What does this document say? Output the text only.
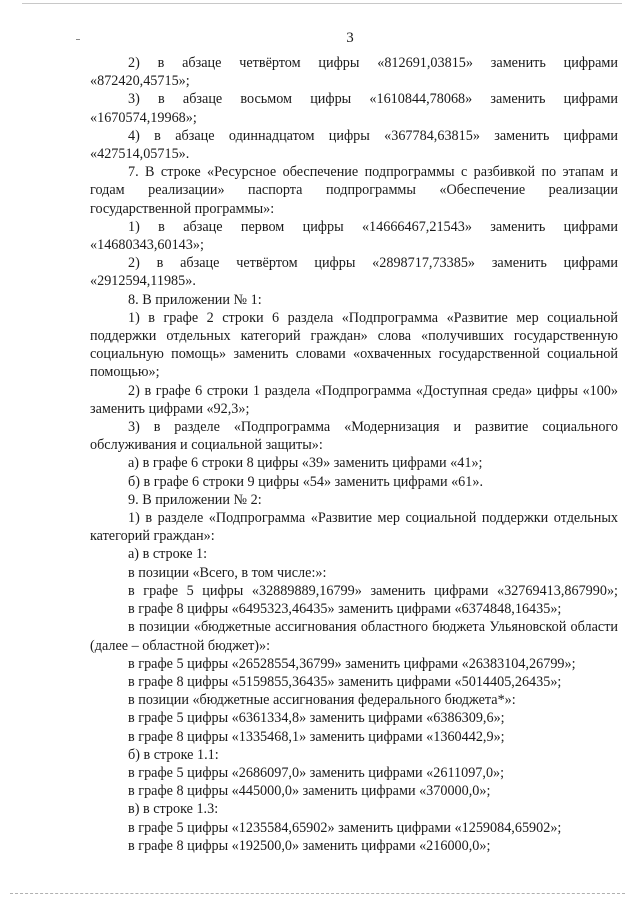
3

2) в абзаце четвёртом цифры «812691,03815» заменить цифрами «872420,45715»;

3) в абзаце восьмом цифры «1610844,78068» заменить цифрами «1670574,19968»;

4) в абзаце одиннадцатом цифры «367784,63815» заменить цифрами «427514,05715».

7. В строке «Ресурсное обеспечение подпрограммы с разбивкой по этапам и годам реализации» паспорта подпрограммы «Обеспечение реализации государственной программы»:

1) в абзаце первом цифры «14666467,21543» заменить цифрами «14680343,60143»;

2) в абзаце четвёртом цифры «2898717,73385» заменить цифрами «2912594,11985».

8. В приложении № 1:

1) в графе 2 строки 6 раздела «Подпрограмма «Развитие мер социальной поддержки отдельных категорий граждан» слова «получивших государственную социальную помощь» заменить словами «охваченных государственной социальной помощью»;

2) в графе 6 строки 1 раздела «Подпрограмма «Доступная среда» цифры «100» заменить цифрами «92,3»;

3) в разделе «Подпрограмма «Модернизация и развитие социального обслуживания и социальной защиты»:

а) в графе 6 строки 8 цифры «39» заменить цифрами «41»;

б) в графе 6 строки 9 цифры «54» заменить цифрами «61».

9. В приложении № 2:

1) в разделе «Подпрограмма «Развитие мер социальной поддержки отдельных категорий граждан»:

а) в строке 1:

в позиции «Всего, в том числе:»:

в графе 5 цифры «32889889,16799» заменить цифрами «32769413,867990»;

в графе 8 цифры «6495323,46435» заменить цифрами «6374848,16435»;

в позиции «бюджетные ассигнования областного бюджета Ульяновской области (далее – областной бюджет)»:

в графе 5 цифры «26528554,36799» заменить цифрами «26383104,26799»;

в графе 8 цифры «5159855,36435» заменить цифрами «5014405,26435»;

в позиции «бюджетные ассигнования федерального бюджета*»:

в графе 5 цифры «6361334,8» заменить цифрами «6386309,6»;

в графе 8 цифры «1335468,1» заменить цифрами «1360442,9»;

б) в строке 1.1:

в графе 5 цифры «2686097,0» заменить цифрами «2611097,0»;

в графе 8 цифры «445000,0» заменить цифрами «370000,0»;

в) в строке 1.3:

в графе 5 цифры «1235584,65902» заменить цифрами «1259084,65902»;

в графе 8 цифры «192500,0» заменить цифрами «216000,0»;
